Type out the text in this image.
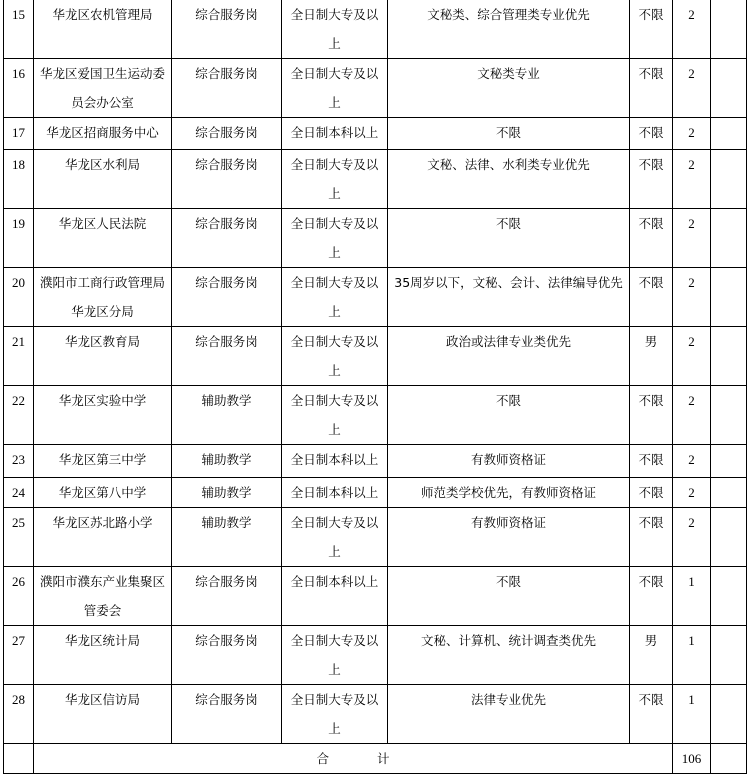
15	华龙区农机管理局	综合服务岗	全日制大专及以上	文秘类、综合管理类专业优先	不限	2	
16	华龙区爱国卫生运动委员会办公室	综合服务岗	全日制大专及以上	文秘类专业	不限	2	
17	华龙区招商服务中心	综合服务岗	全日制本科以上	不限	不限	2	
18	华龙区水利局	综合服务岗	全日制大专及以上	文秘、法律、水利类专业优先	不限	2	
19	华龙区人民法院	综合服务岗	全日制大专及以上	不限	不限	2	
20	濮阳市工商行政管理局华龙区分局	综合服务岗	全日制大专及以上	35周岁以下，文秘、会计、法律编导优先	不限	2	
21	华龙区教育局	综合服务岗	全日制大专及以上	政治或法律专业类优先	男	2	
22	华龙区实验中学	辅助教学	全日制大专及以上	不限	不限	2	
23	华龙区第三中学	辅助教学	全日制本科以上	有教师资格证	不限	2	
24	华龙区第八中学	辅助教学	全日制本科以上	师范类学校优先，有教师资格证	不限	2	
25	华龙区苏北路小学	辅助教学	全日制大专及以上	有教师资格证	不限	2	
26	濮阳市濮东产业集聚区管委会	综合服务岗	全日制本科以上	不限	不限	1	
27	华龙区统计局	综合服务岗	全日制大专及以上	文秘、计算机、统计调查类优先	男	1	
28	华龙区信访局	综合服务岗	全日制大专及以上	法律专业优先	不限	1	
	合 计					106	
